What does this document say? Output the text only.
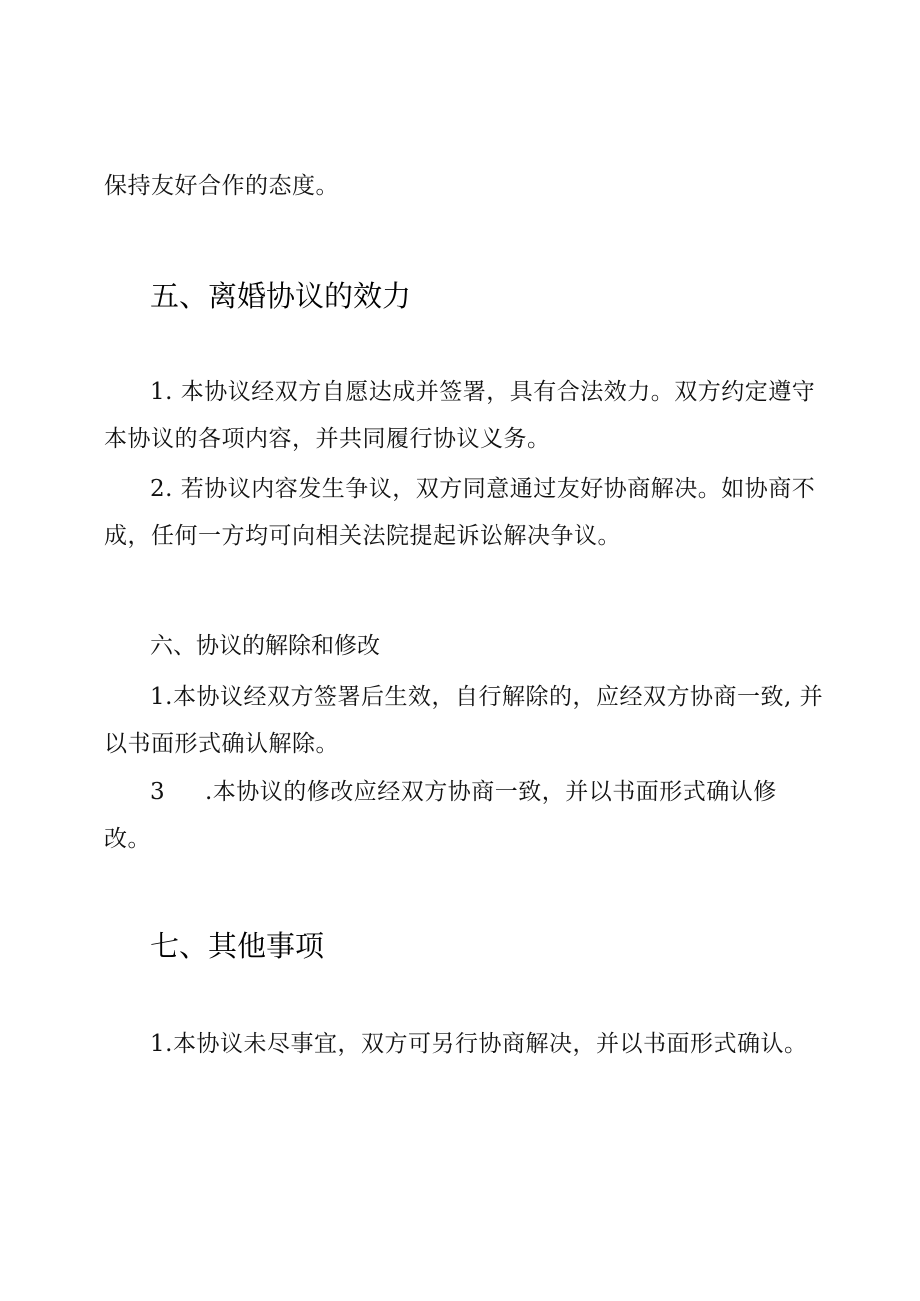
保持友好合作的态度。
五、离婚协议的效力
1. 本协议经双方自愿达成并签署，具有合法效力。双方约定遵守
本协议的各项内容，并共同履行协议义务。
2. 若协议内容发生争议，双方同意通过友好协商解决。如协商不
成，任何一方均可向相关法院提起诉讼解决争议。
六、协议的解除和修改
1.本协议经双方签署后生效，自行解除的，应经双方协商一致, 并
以书面形式确认解除。
3 .本协议的修改应经双方协商一致，并以书面形式确认修
改。
七、其他事项
1.本协议未尽事宜，双方可另行协商解决，并以书面形式确认。
